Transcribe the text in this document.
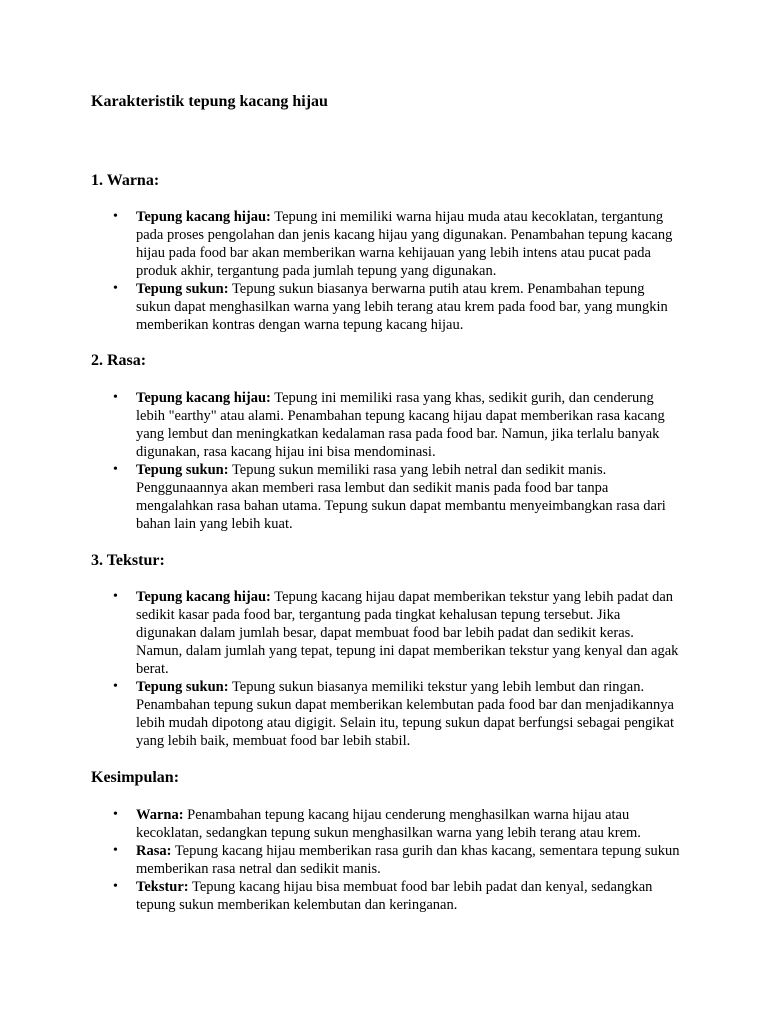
Karakteristik tepung kacang hijau
1. Warna:
• Tepung kacang hijau: Tepung ini memiliki warna hijau muda atau kecoklatan, tergantung pada proses pengolahan dan jenis kacang hijau yang digunakan. Penambahan tepung kacang hijau pada food bar akan memberikan warna kehijauan yang lebih intens atau pucat pada produk akhir, tergantung pada jumlah tepung yang digunakan.
• Tepung sukun: Tepung sukun biasanya berwarna putih atau krem. Penambahan tepung sukun dapat menghasilkan warna yang lebih terang atau krem pada food bar, yang mungkin memberikan kontras dengan warna tepung kacang hijau.
2. Rasa:
• Tepung kacang hijau: Tepung ini memiliki rasa yang khas, sedikit gurih, dan cenderung lebih "earthy" atau alami. Penambahan tepung kacang hijau dapat memberikan rasa kacang yang lembut dan meningkatkan kedalaman rasa pada food bar. Namun, jika terlalu banyak digunakan, rasa kacang hijau ini bisa mendominasi.
• Tepung sukun: Tepung sukun memiliki rasa yang lebih netral dan sedikit manis. Penggunaannya akan memberi rasa lembut dan sedikit manis pada food bar tanpa mengalahkan rasa bahan utama. Tepung sukun dapat membantu menyeimbangkan rasa dari bahan lain yang lebih kuat.
3. Tekstur:
• Tepung kacang hijau: Tepung kacang hijau dapat memberikan tekstur yang lebih padat dan sedikit kasar pada food bar, tergantung pada tingkat kehalusan tepung tersebut. Jika digunakan dalam jumlah besar, dapat membuat food bar lebih padat dan sedikit keras. Namun, dalam jumlah yang tepat, tepung ini dapat memberikan tekstur yang kenyal dan agak berat.
• Tepung sukun: Tepung sukun biasanya memiliki tekstur yang lebih lembut dan ringan. Penambahan tepung sukun dapat memberikan kelembutan pada food bar dan menjadikannya lebih mudah dipotong atau digigit. Selain itu, tepung sukun dapat berfungsi sebagai pengikat yang lebih baik, membuat food bar lebih stabil.
Kesimpulan:
• Warna: Penambahan tepung kacang hijau cenderung menghasilkan warna hijau atau kecoklatan, sedangkan tepung sukun menghasilkan warna yang lebih terang atau krem.
• Rasa: Tepung kacang hijau memberikan rasa gurih dan khas kacang, sementara tepung sukun memberikan rasa netral dan sedikit manis.
• Tekstur: Tepung kacang hijau bisa membuat food bar lebih padat dan kenyal, sedangkan tepung sukun memberikan kelembutan dan keringanan.
